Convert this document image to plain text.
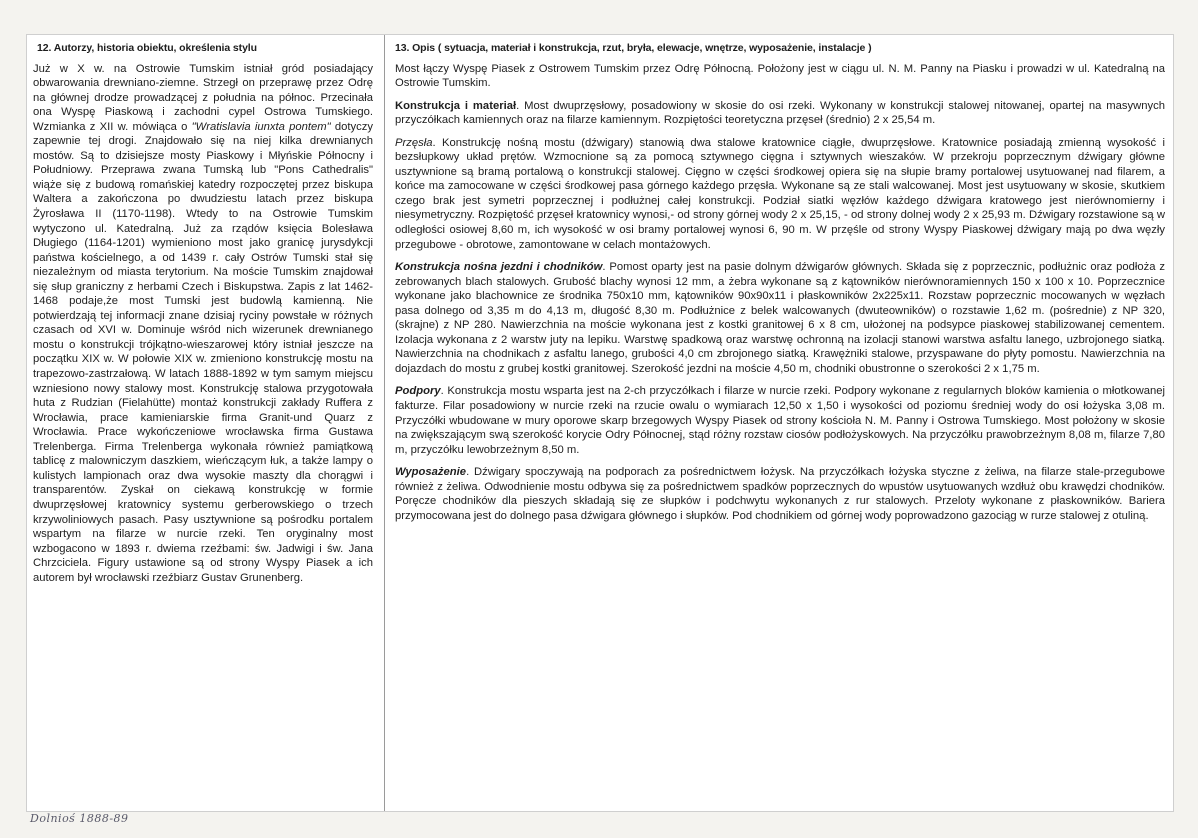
12. Autorzy, historia obiektu, określenia stylu
Już w X w. na Ostrowie Tumskim istniał gród posiadający obwarowania drewniano-ziemne. Strzegł on przeprawę przez Odrę na głównej drodze prowadzącej z południa na północ. Przecinała ona Wyspę Piaskową i zachodni cypel Ostrowa Tumskiego. Wzmianka z XII w. mówiąca o "Wratislavia iunxta pontem" dotyczy zapewnie tej drogi. Znajdowało się na niej kilka drewnianych mostów. Są to dzisiejsze mosty Piaskowy i Młyńskie Północny i Południowy. Przeprawa zwana Tumską lub "Pons Cathedralis" wiąże się z budową romańskiej katedry rozpoczętej przez biskupa Waltera a zakończona po dwudziestu latach przez biskupa Żyrosława II (1170-1198). Wtedy to na Ostrowie Tumskim wytyczono ul. Katedralną. Już za rządów księcia Bolesława Długiego (1164-1201) wymieniono most jako granicę jurysdykcji państwa kościelnego, a od 1439 r. cały Ostrów Tumski stał się niezależnym od miasta terytorium. Na moście Tumskim znajdował się słup graniczny z herbami Czech i Biskupstwa. Zapis z lat 1462-1468 podaje,że most Tumski jest budowlą kamienną. Nie potwierdzają tej informacji znane dzisiaj ryciny powstałe w różnych czasach od XVI w. Dominuje wśród nich wizerunek drewnianego mostu o konstrukcji trójkątno-wieszarowej który istniał jeszcze na początku XIX w. W połowie XIX w. zmieniono konstrukcję mostu na trapezowo-zastrzałową. W latach 1888-1892 w tym samym miejscu wzniesiono nowy stalowy most. Konstrukcję stalowa przygotowała huta z Rudzian (Fielahütte) montaż konstrukcji zakłady Ruffera z Wrocławia, prace kamieniarskie firma Granit-und Quarz z Wrocławia. Prace wykończeniowe wrocławska firma Gustawa Trelenberga. Firma Trelenberga wykonała również pamiątkową tablicę z malowniczym daszkiem, wieńczącym łuk, a także lampy o kulistych lampionach oraz dwa wysokie maszty dla chorągwi i transparentów. Zyskał on ciekawą konstrukcję w formie dwuprzęsłowej kratownicy systemu gerberowskiego o trzech krzywoliniowych pasach. Pasy usztywnione są pośrodku portalem wspartym na filarze w nurcie rzeki. Ten oryginalny most wzbogacono w 1893 r. dwiema rzeźbami: św. Jadwigi i św. Jana Chrzciciela. Figury ustawione są od strony Wyspy Piasek a ich autorem był wrocławski rzeźbiarz Gustav Grunenberg.
13. Opis ( sytuacja, materiał i konstrukcja, rzut, bryła, elewacje, wnętrze, wyposażenie, instalacje )

Most łączy Wyspę Piasek z Ostrowem Tumskim przez Odrę Północną. Położony jest w ciągu ul. N. M. Panny na Piasku i prowadzi w ul. Katedralną na Ostrowie Tumskim.

Konstrukcja i materiał. Most dwuprzęsłowy, posadowiony w skosie do osi rzeki. Wykonany w konstrukcji stalowej nitowanej, opartej na masywnych przyczółkach kamiennych oraz na filarze kamiennym. Rozpiętości teoretyczna przęseł (średnio) 2 x 25,54 m.

Przęsła. Konstrukcję nośną mostu (dźwigary) stanowią dwa stalowe kratownice ciągłe, dwuprzęsłowe. Kratownice posiadają zmienną wysokość i bezsłupkowy układ prętów. Wzmocnione są za pomocą sztywnego cięgna i sztywnych wieszaków. W przekroju poprzecznym dźwigary główne usztywnione są bramą portalową o konstrukcji stalowej. Cięgno w części środkowej opiera się na słupie bramy portalowej usytuowanej nad filarem, a końce ma zamocowane w części środkowej pasa górnego każdego przęsła. Wykonane są ze stali walcowanej. Most jest usytuowany w skosie, skutkiem czego brak jest symetri poprzecznej i podłużnej całej konstrukcji. Podział siatki węzłów każdego dźwigara kratowego jest nierównomierny i niesymetryczny. Rozpiętość przęseł kratownicy wynosi,- od strony górnej wody 2 x 25,15, - od strony dolnej wody 2 x 25,93 m. Dźwigary rozstawione są w odległości osiowej 8,60 m, ich wysokość w osi bramy portalowej wynosi 6, 90 m. W przęśle od strony Wyspy Piaskowej dźwigary mają po dwa węzły przegubowe - obrotowe, zamontowane w celach montażowych.

Konstrukcja nośna jezdni i chodników. Pomost oparty jest na pasie dolnym dźwigarów głównych. Składa się z poprzecznic, podłużnic oraz podłoża z zebrowanych blach stalowych. Grubość blachy wynosi 12 mm, a żebra wykonane są z kątowników nierównoramiennych 150 x 100 x 10. Poprzecznice wykonane jako blachownice ze środnika 750x10 mm, kątowników 90x90x11 i płaskowników 2x225x11. Rozstaw poprzecznic mocowanych w węzłach pasa dolnego od 3,35 m do 4,13 m, długość 8,30 m. Podłużnice z belek walcowanych (dwuteowników) o rozstawie 1,62 m. (pośrednie) z NP 320, (skrajne) z NP 280. Nawierzchnia na moście wykonana jest z kostki granitowej 6 x 8 cm, ułożonej na podsypce piaskowej stabilizowanej cementem. Izolacja wykonana z 2 warstw juty na lepiku. Warstwę spadkową oraz warstwę ochronną na izolacji stanowi warstwa asfaltu lanego, uzbrojonego siatką. Nawierzchnia na chodnikach z asfaltu lanego, grubości 4,0 cm zbrojonego siatką. Krawężniki stalowe, przyspawane do płyty pomostu. Nawierzchnia na dojazdach do mostu z grubej kostki granitowej. Szerokość jezdni na moście 4,50 m, chodniki obustronne o szerokości 2 x 1,75 m.

Podpory. Konstrukcja mostu wsparta jest na 2-ch przyczółkach i filarze w nurcie rzeki. Podpory wykonane z regularnych bloków kamienia o młotkowanej fakturze. Filar posadowiony w nurcie rzeki na rzucie owalu o wymiarach 12,50 x 1,50 i wysokości od poziomu średniej wody do osi łożyska 3,08 m. Przyczółki wbudowane w mury oporowe skarp brzegowych Wyspy Piasek od strony kościoła N. M. Panny i Ostrowa Tumskiego. Most położony w skosie na zwiększającym swą szerokość korycie Odry Północnej, stąd różny rozstaw ciosów podłożyskowych. Na przyczółku prawobrzeżnym 8,08 m, filarze 7,80 m, przyczółku lewobrzeżnym 8,50 m.

Wyposażenie. Dźwigary spoczywają na podporach za pośrednictwem łożysk. Na przyczółkach łożyska styczne z żeliwa, na filarze stale-przegubowe również z żeliwa. Odwodnienie mostu odbywa się za pośrednictwem spadków poprzecznych do wpustów usytuowanych wzdłuż obu krawędzi chodników. Poręcze chodników dla pieszych składają się ze słupków i podchwytu wykonanych z rur stalowych. Przeloty wykonane z płaskowników. Bariera przymocowana jest do dolnego pasa dźwigara głównego i słupków. Pod chodnikiem od górnej wody poprowadzono gazociąg w rurze stalowej z otuliną.

Dolnioś 1888-89
